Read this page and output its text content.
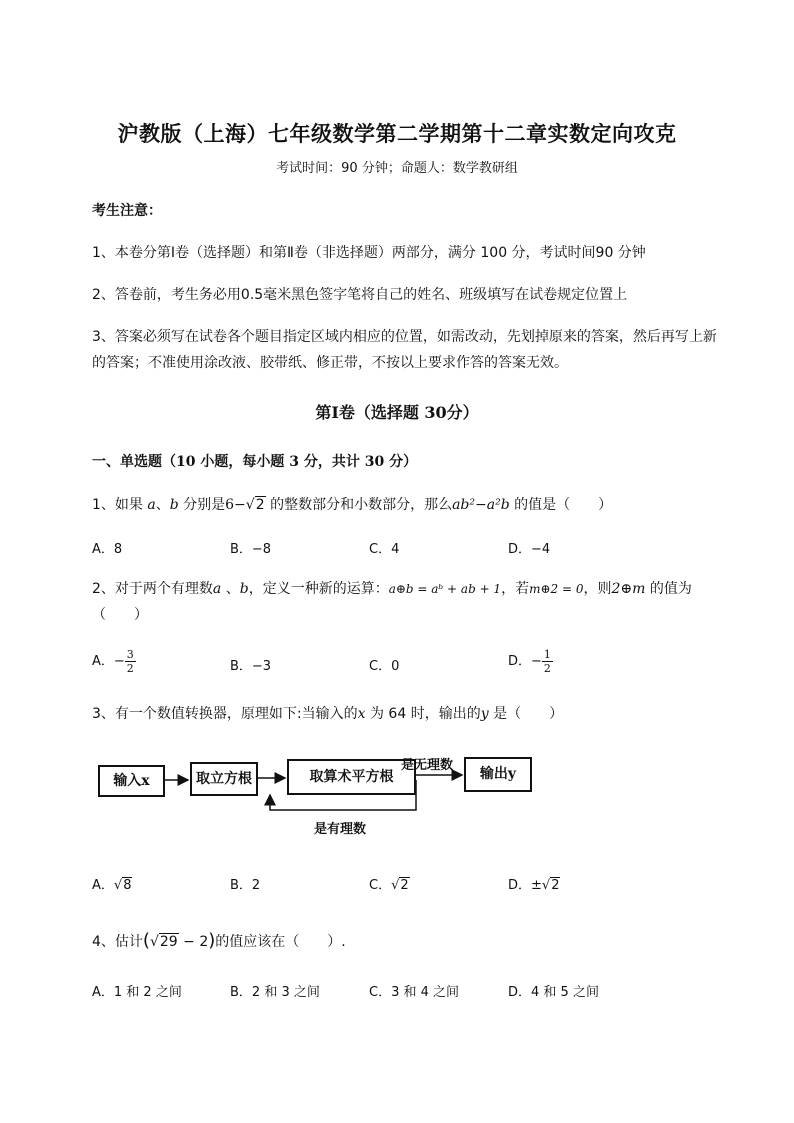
沪教版（上海）七年级数学第二学期第十二章实数定向攻克
考试时间：90 分钟；命题人：数学教研组
考生注意：
1、本卷分第Ⅰ卷（选择题）和第Ⅱ卷（非选择题）两部分，满分 100 分，考试时间90 分钟
2、答卷前，考生务必用0.5毫米黑色签字笔将自己的姓名、班级填写在试卷规定位置上
3、答案必须写在试卷各个题目指定区域内相应的位置，如需改动，先划掉原来的答案，然后再写上新
的答案；不准使用涂改液、胶带纸、修正带，不按以上要求作答的答案无效。
第Ⅰ卷（选择题 30分）
一、单选题（10 小题，每小题 3 分，共计 30 分）
1、如果 a、b 分别是6−√2 的整数部分和小数部分，那么ab²−a²b 的值是（　　）
A．8	B．−8	C．4	D．−4
2、对于两个有理数a 、b，定义一种新的运算：a⊕b = aᵇ + ab + 1，若m⊕2 = 0，则2⊕m 的值为
（　　）
A．− $\frac{3}{2}$	B．−3	C．0	D．− $\frac{1}{2}$
3、有一个数值转换器，原理如下:当输入的x 为 64 时，输出的y 是（　　）
输入x	取立方根	取算术平方根	输出y
是无理数
是有理数
A．√8	B．2	C．√2	D．±√2
4、估计(√29 − 2)的值应该在（　　）.
A．1 和 2 之间	B．2 和 3 之间	C．3 和 4 之间	D．4 和 5 之间
